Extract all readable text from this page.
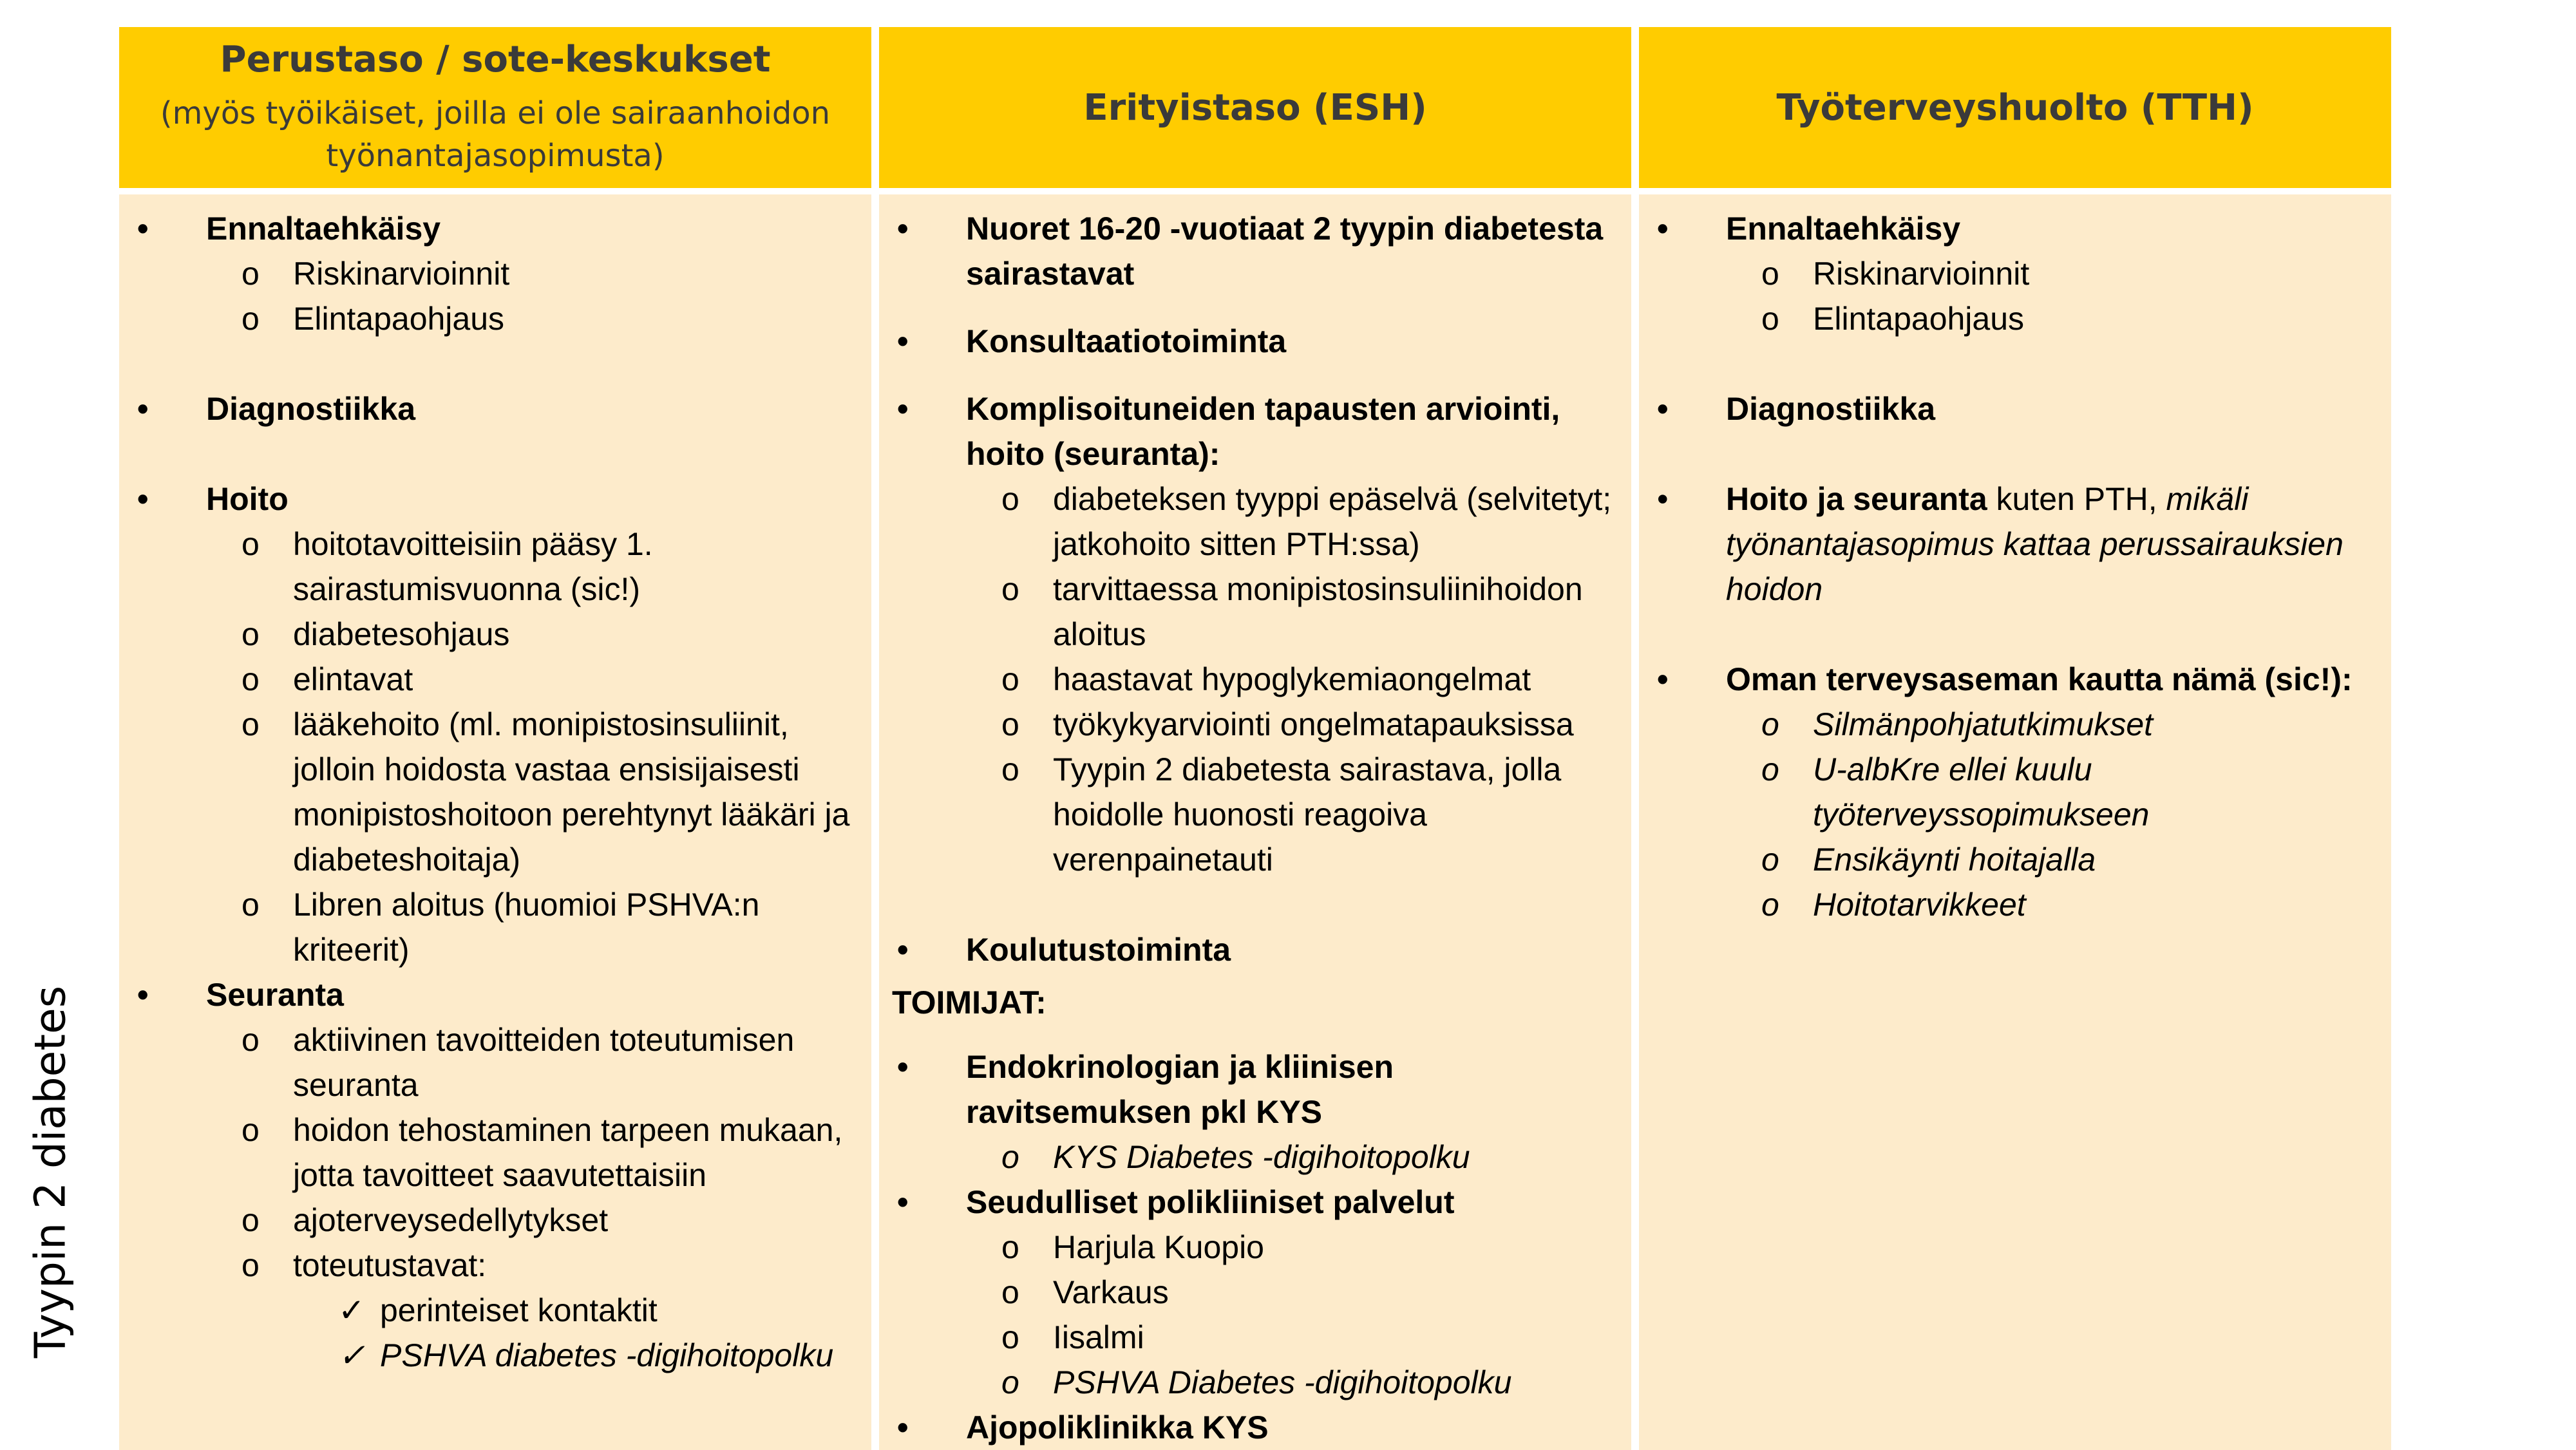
Tyypin 2 diabetes
Perustaso / sote-keskukset
(myös työikäiset, joilla ei ole sairaanhoidon työnantajasopimusta)
• Ennaltaehkäisy
o Riskinarvioinnit
o Elintapaohjaus
• Diagnostiikka
• Hoito
o hoitotavoitteisiin pääsy 1. sairastumisvuonna (sic!)
o diabetesohjaus
o elintavat
o lääkehoito (ml. monipistosinsuliinit, jolloin hoidosta vastaa ensisijaisesti monipistoshoitoon perehtynyt lääkäri ja diabeteshoitaja)
o Libren aloitus (huomioi PSHVA:n kriteerit)
• Seuranta
o aktiivinen tavoitteiden toteutumisen seuranta
o hoidon tehostaminen tarpeen mukaan, jotta tavoitteet saavutettaisiin
o ajoterveysedellytykset
o toteutustavat:
✓ perinteiset kontaktit
✓ PSHVA diabetes -digihoitopolku
Erityistaso (ESH)
• Nuoret 16-20 -vuotiaat 2 tyypin diabetesta sairastavat
• Konsultaatiotoiminta
• Komplisoituneiden tapausten arviointi, hoito (seuranta):
o diabeteksen tyyppi epäselvä (selvitetyt; jatkohoito sitten PTH:ssa)
o tarvittaessa monipistosinsuliinihoidon aloitus
o haastavat hypoglykemiaongelmat
o työkykyarviointi ongelmatapauksissa
o Tyypin 2 diabetesta sairastava, jolla hoidolle huonosti reagoiva verenpainetauti
• Koulutustoiminta
TOIMIJAT:
• Endokrinologian ja kliinisen ravitsemuksen pkl KYS
o KYS Diabetes -digihoitopolku
• Seudulliset polikliiniset palvelut
o Harjula Kuopio
o Varkaus
o Iisalmi
o PSHVA Diabetes -digihoitopolku
• Ajopoliklinikka KYS
Työterveyshuolto (TTH)
• Ennaltaehkäisy
o Riskinarvioinnit
o Elintapaohjaus
• Diagnostiikka
• Hoito ja seuranta kuten PTH, mikäli työnantajasopimus kattaa perussairauksien hoidon
• Oman terveysaseman kautta nämä (sic!):
o Silmänpohjatutkimukset
o U-albKre ellei kuulu työterveyssopimukseen
o Ensikäynti hoitajalla
o Hoitotarvikkeet
